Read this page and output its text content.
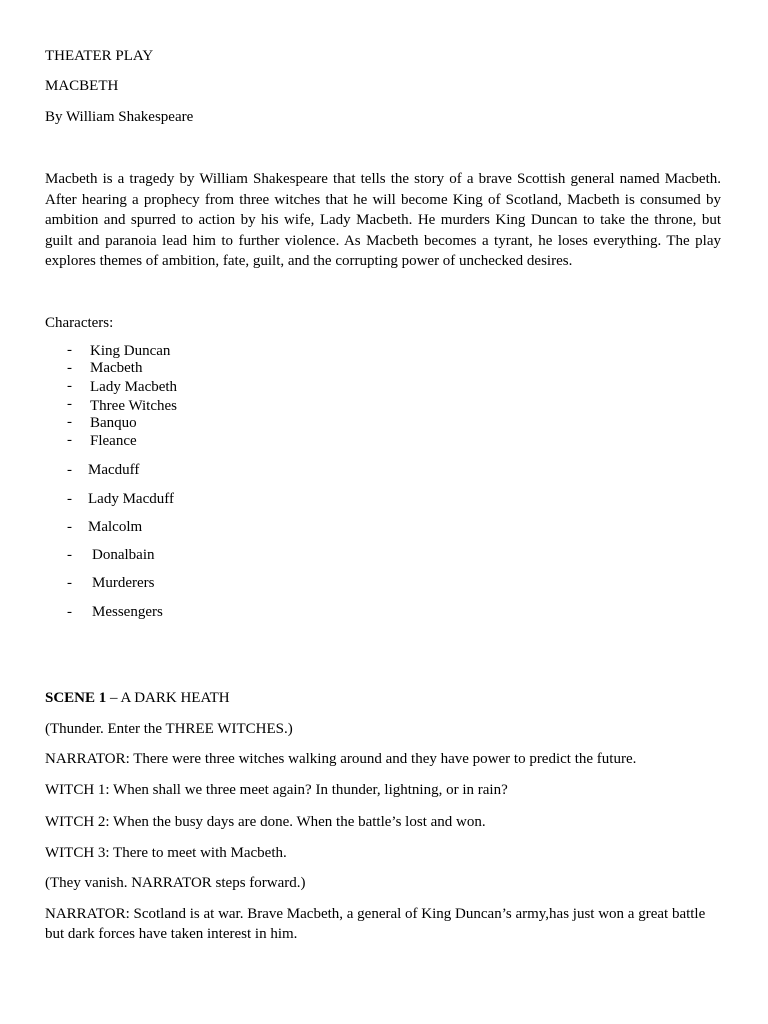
THEATER PLAY
MACBETH
By William Shakespeare
Macbeth is a tragedy by William Shakespeare that tells the story of a brave Scottish general named Macbeth. After hearing a prophecy from three witches that he will become King of Scotland, Macbeth is consumed by ambition and spurred to action by his wife, Lady Macbeth. He murders King Duncan to take the throne, but guilt and paranoia lead him to further violence. As Macbeth becomes a tyrant, he loses everything. The play explores themes of ambition, fate, guilt, and the corrupting power of unchecked desires.
Characters:
- King Duncan
- Macbeth
- Lady Macbeth
- Three Witches
- Banquo
- Fleance
- Macduff
- Lady Macduff
- Malcolm
- Donalbain
- Murderers
- Messengers
SCENE 1 – A DARK HEATH
(Thunder. Enter the THREE WITCHES.)
NARRATOR: There were three witches walking around and they have power to predict the future.
WITCH 1: When shall we three meet again? In thunder, lightning, or in rain?
WITCH 2: When the busy days are done. When the battle’s lost and won.
WITCH 3: There to meet with Macbeth.
(They vanish. NARRATOR steps forward.)
NARRATOR: Scotland is at war. Brave Macbeth, a general of King Duncan’s army,has just won a great battle but dark forces have taken interest in him.
